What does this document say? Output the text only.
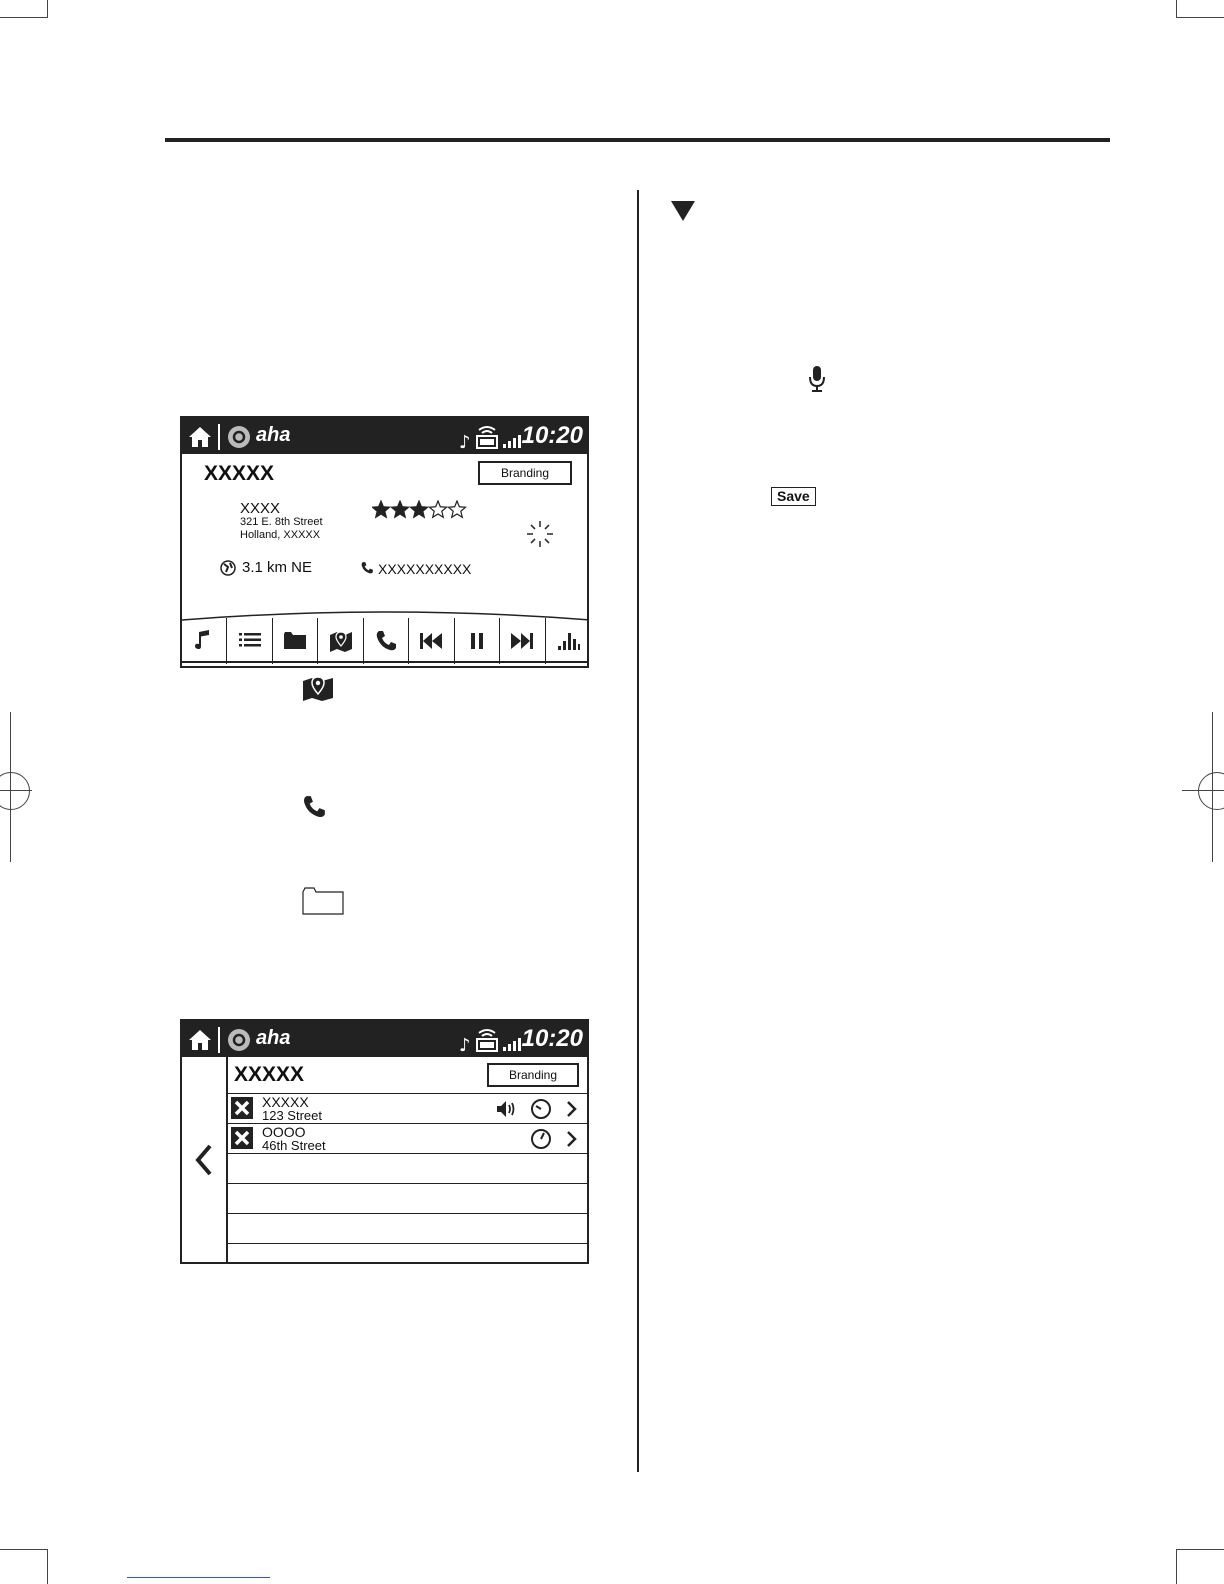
aha	♪ 10:20
XXXXX	Branding
XXXX
321 E. 8th Street
Holland, XXXXX
3.1 km NE	XXXXXXXXXX
aha	♪ 10:20
XXXXX	Branding
XXXXX
123 Street
OOOO
46th Street
Save
